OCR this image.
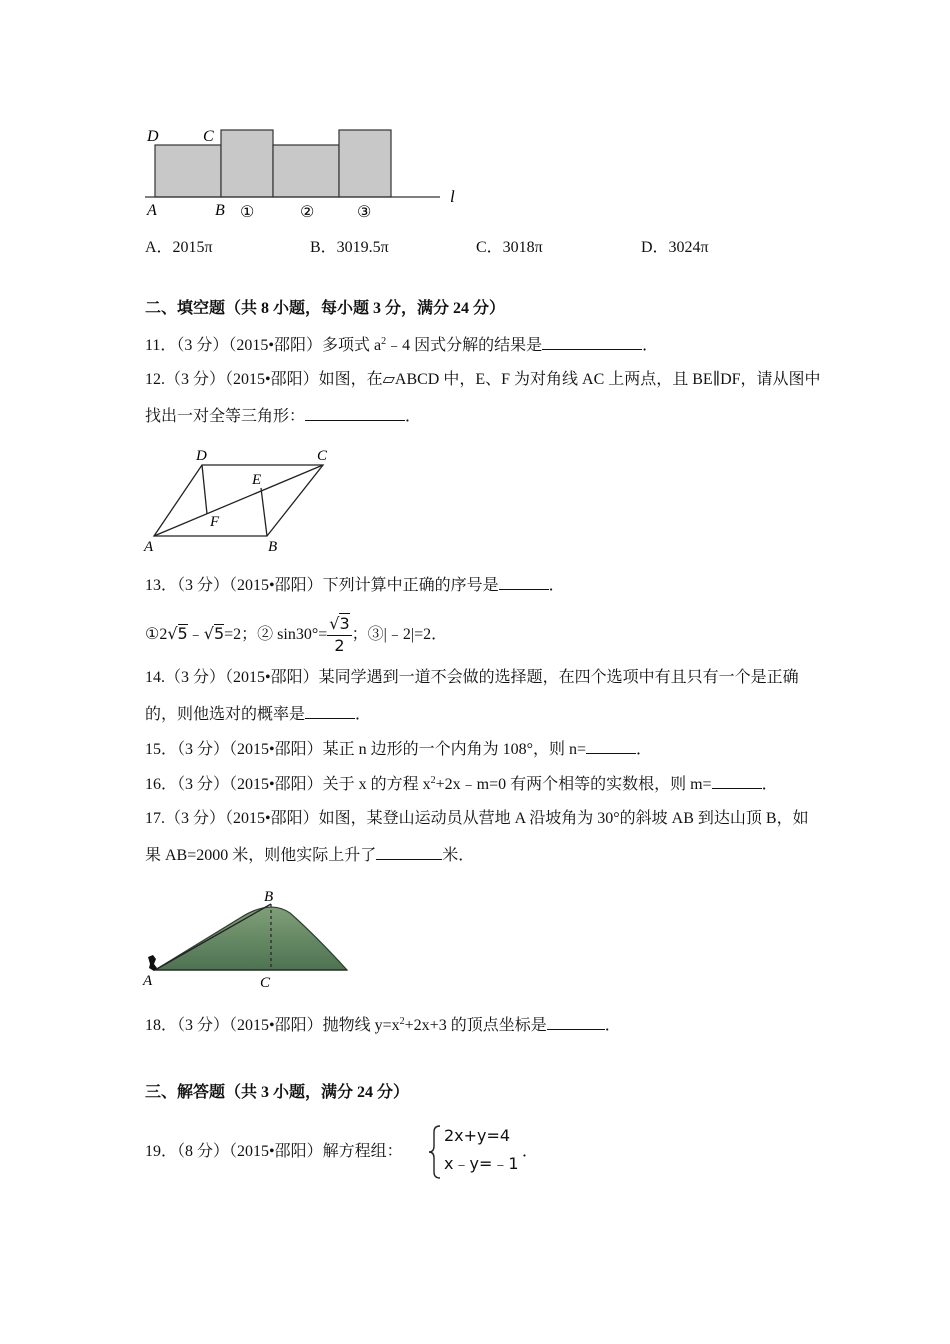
D	C
A	B ①	②	③
l
A．2015π	B．3019.5π	C．3018π	D．3024π
二、填空题（共 8 小题，每小题 3 分，满分 24 分）
11．（3 分）（2015•邵阳）多项式 $a^2﹣4$ 因式分解的结果是	．
12.（3 分）（2015•邵阳）如图，在▱ABCD 中，E、F 为对角线 AC 上两点，且 BE∥DF，请从图中
找出一对全等三角形：	．
D	C
E
F
A	B
13．（3 分）（2015•邵阳）下列计算中正确的序号是	．
①2√5﹣√5=2；② $\sin 30^\circ= \frac{√3}{2}$ ；③|﹣2|=2．
14.（3 分）（2015•邵阳）某同学遇到一道不会做的选择题，在四个选项中有且只有一个是正确
的，则他选对的概率是	．
15．（3 分）（2015•邵阳）某正 n 边形的一个内角为 108°，则 n=	．
16．（3 分）（2015•邵阳）关于 x 的方程 $x^2+2x﹣m=0$ 有两个相等的实数根，则 m=	．
17.（3 分）（2015•邵阳）如图，某登山运动员从营地 A 沿坡角为 30°的斜坡 AB 到达山顶 B，如
果 AB=2000 米，则他实际上升了	米．
A
B
C
18．（3 分）（2015•邵阳）抛物线 $y=x^2+2x+3$ 的顶点坐标是	．
三、解答题（共 3 小题，满分 24 分）
19．（8 分）（2015•邵阳）解方程组：
2x+y=4
x﹣y=﹣1
．
